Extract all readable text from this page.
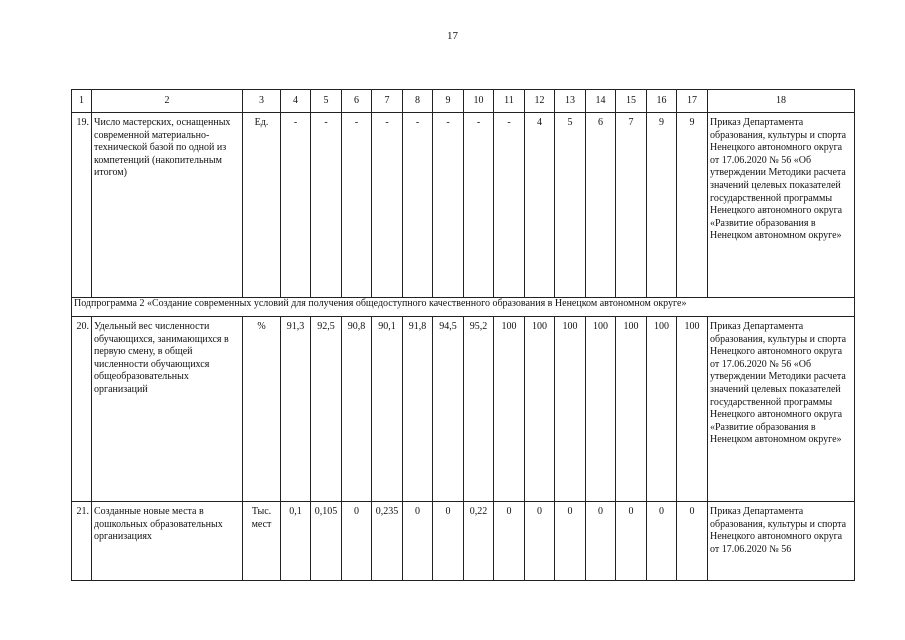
17
1	2	3	4	5	6	7	8	9	10	11	12	13	14	15	16	17	18
19.	Число мастерских, оснащенных современной материально-технической базой по одной из компетенций (накопительным итогом)	Ед.	-	-	-	-	-	-	-	-	4	5	6	7	9	9	Приказ Департамента образования, культуры и спорта Ненецкого автономного округа от 17.06.2020 № 56 «Об утверждении Методики расчета значений целевых показателей государственной программы Ненецкого автономного округа «Развитие образования в Ненецком автономном округе»
Подпрограмма 2 «Создание современных условий для получения общедоступного качественного образования в Ненецком автономном округе»																	
20.	Удельный вес численности обучающихся, занимающихся в первую смену, в общей численности обучающихся общеобразовательных организаций	%	91,3	92,5	90,8	90,1	91,8	94,5	95,2	100	100	100	100	100	100	100	Приказ Департамента образования, культуры и спорта Ненецкого автономного округа от 17.06.2020 № 56 «Об утверждении Методики расчета значений целевых показателей государственной программы Ненецкого автономного округа «Развитие образования в Ненецком автономном округе»
21.	Созданные новые места в дошкольных образовательных организациях	Тыс. мест	0,1	0,105	0	0,235	0	0	0,22	0	0	0	0	0	0	0	Приказ Департамента образования, культуры и спорта Ненецкого автономного округа от 17.06.2020 № 56
